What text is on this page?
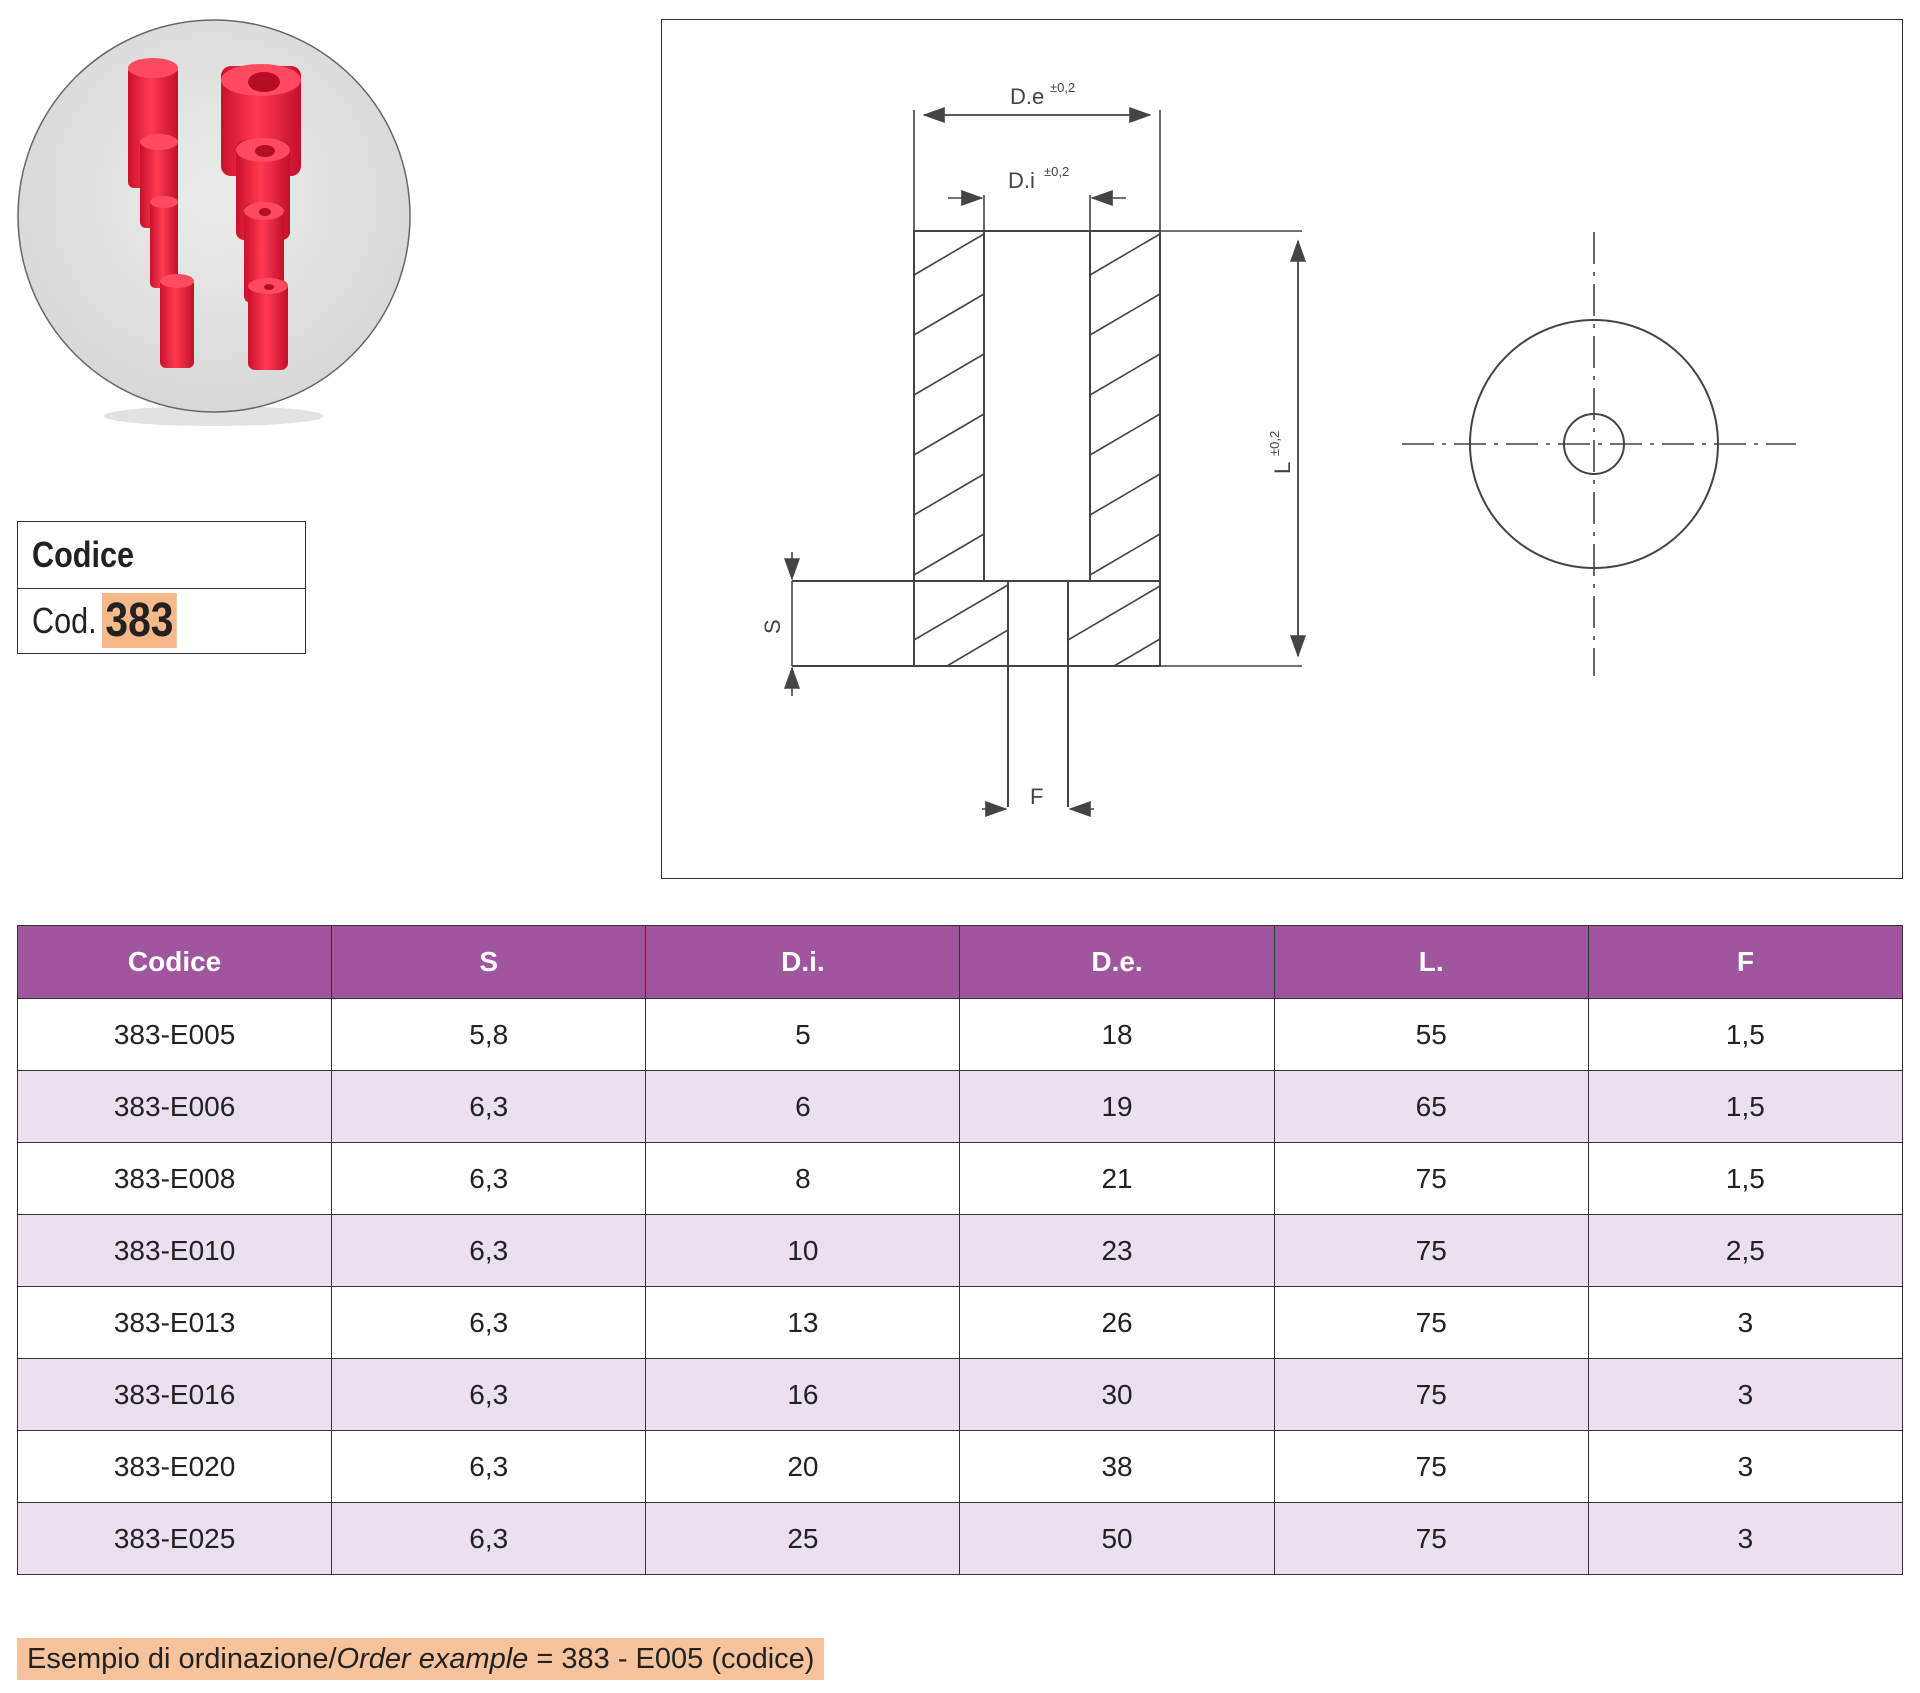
Codice
Cod. 383
D.e ±0,2
D.i ±0,2
L
±0,2
S
F
Codice	S	D.i.	D.e.	L.	F
383-E005	5,8	5	18	55	1,5
383-E006	6,3	6	19	65	1,5
383-E008	6,3	8	21	75	1,5
383-E010	6,3	10	23	75	2,5
383-E013	6,3	13	26	75	3
383-E016	6,3	16	30	75	3
383-E020	6,3	20	38	75	3
383-E025	6,3	25	50	75	3
Esempio di ordinazione/Order example = 383 - E005 (codice)
